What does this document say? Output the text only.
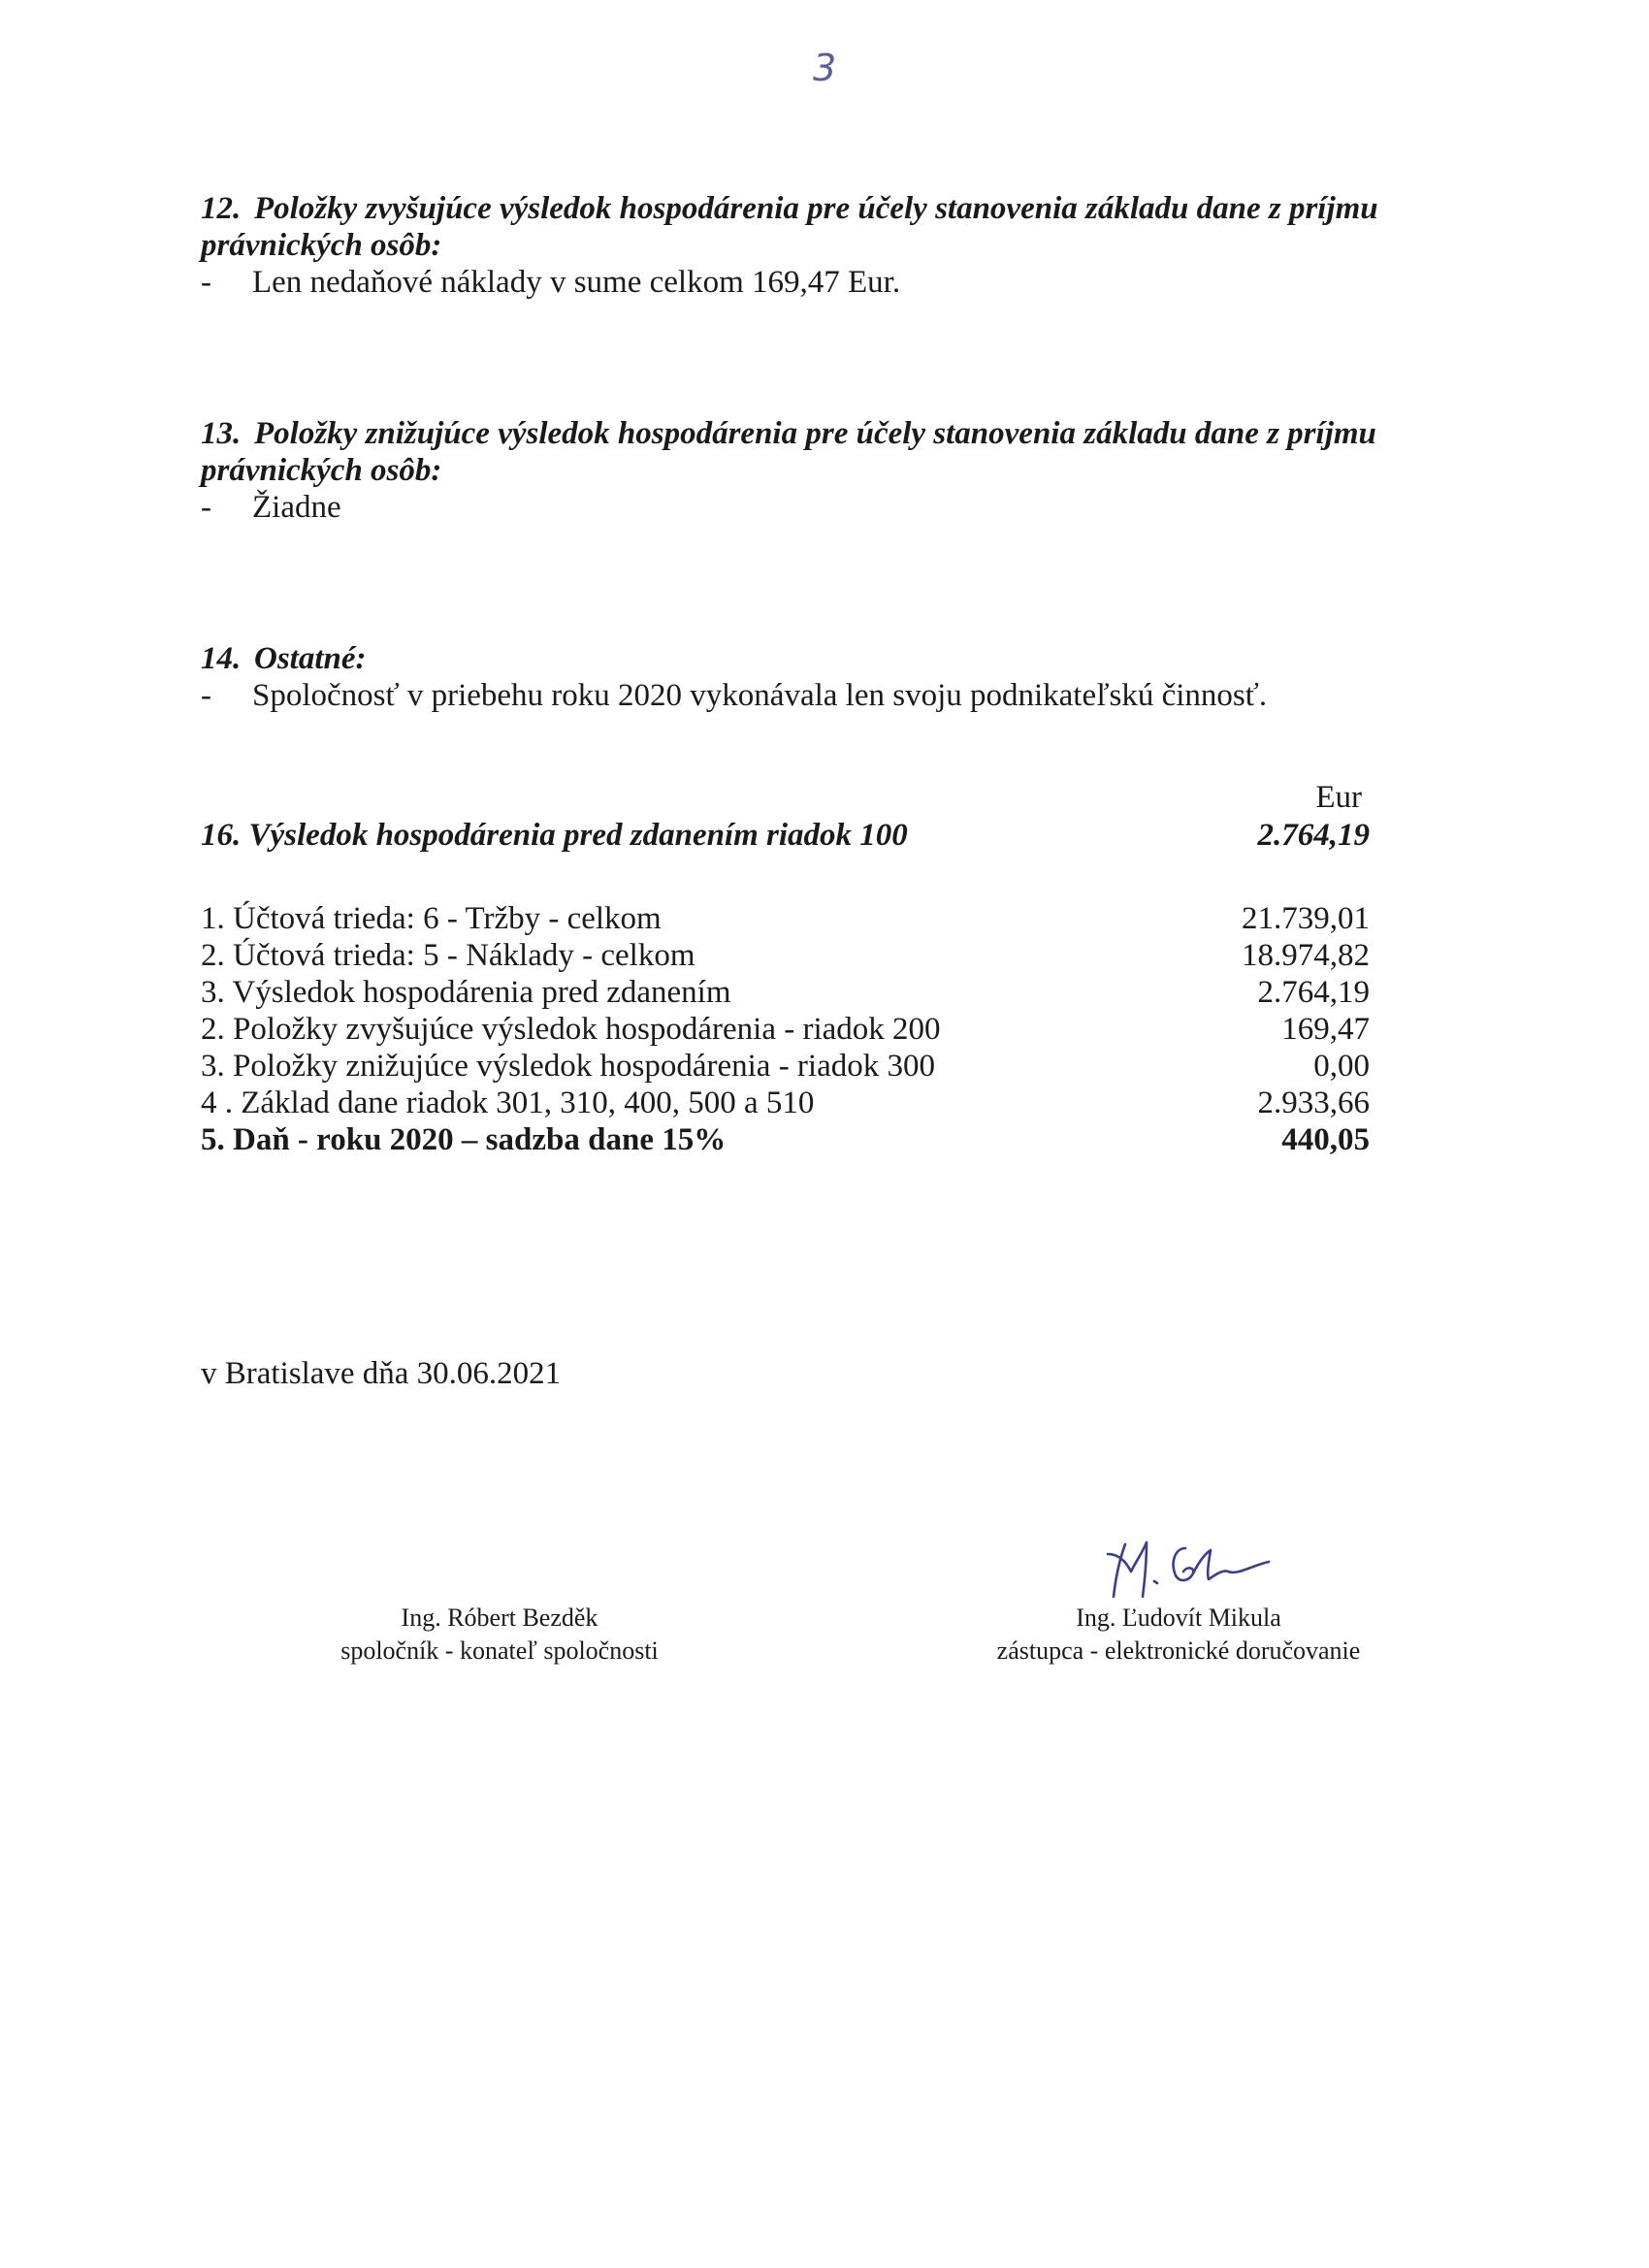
3

12. Položky zvyšujúce výsledok hospodárenia pre účely stanovenia základu dane z príjmu

právnických osôb:

- Len nedaňové náklady v sume celkom 169,47 Eur.

13. Položky znižujúce výsledok hospodárenia pre účely stanovenia základu dane z príjmu

právnických osôb:

- Žiadne

14. Ostatné:

- Spoločnosť v priebehu roku 2020 vykonávala len svoju podnikateľskú činnosť.
Eur
16. Výsledok hospodárenia pred zdanením riadok 100	2.764,19
1. Účtová trieda: 6 - Tržby - celkom	21.739,01
2. Účtová trieda: 5 - Náklady - celkom	18.974,82
3. Výsledok hospodárenia pred zdanením	2.764,19
2. Položky zvyšujúce výsledok hospodárenia - riadok 200	169,47
3. Položky znižujúce výsledok hospodárenia - riadok 300	0,00
4 . Základ dane riadok 301, 310, 400, 500 a 510	2.933,66
5. Daň - roku 2020 – sadzba dane 15%	440,05
v Bratislave dňa 30.06.2021
Ing. Róbert Bezděk
spoločník - konateľ spoločnosti
Ing. Ľudovít Mikula
zástupca - elektronické doručovanie
